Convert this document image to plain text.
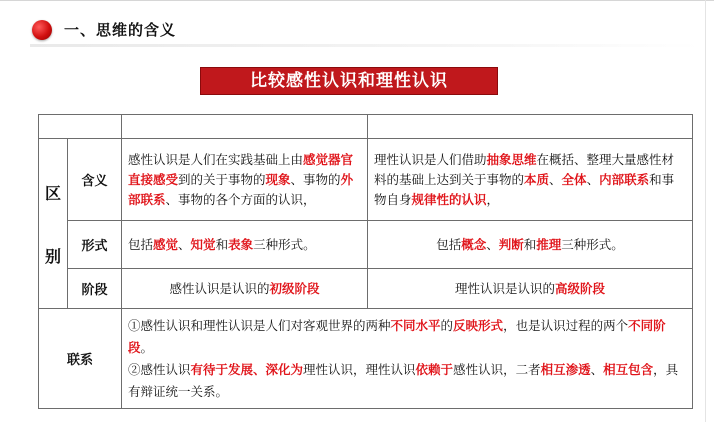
一、思维的含义
比较感性认识和理性认识

区
别	含义	感性认识是人们在实践基础上由感觉器官直接感受到的关于事物的现象、事物的外部联系、事物的各个方面的认识，	理性认识是人们借助抽象思维在概括、整理大量感性材料的基础上达到关于事物的本质、全体、内部联系和事物自身规律性的认识，
	形式	包括感觉、知觉和表象三种形式。	包括概念、判断和推理三种形式。
	阶段	感性认识是认识的初级阶段	理性认识是认识的高级阶段
联系		①感性认识和理性认识是人们对客观世界的两种不同水平的反映形式，也是认识过程的两个不同阶段。
②感性认识有待于发展、深化为理性认识，理性认识依赖于感性认识，二者相互渗透、相互包含，具有辩证统一关系。	
